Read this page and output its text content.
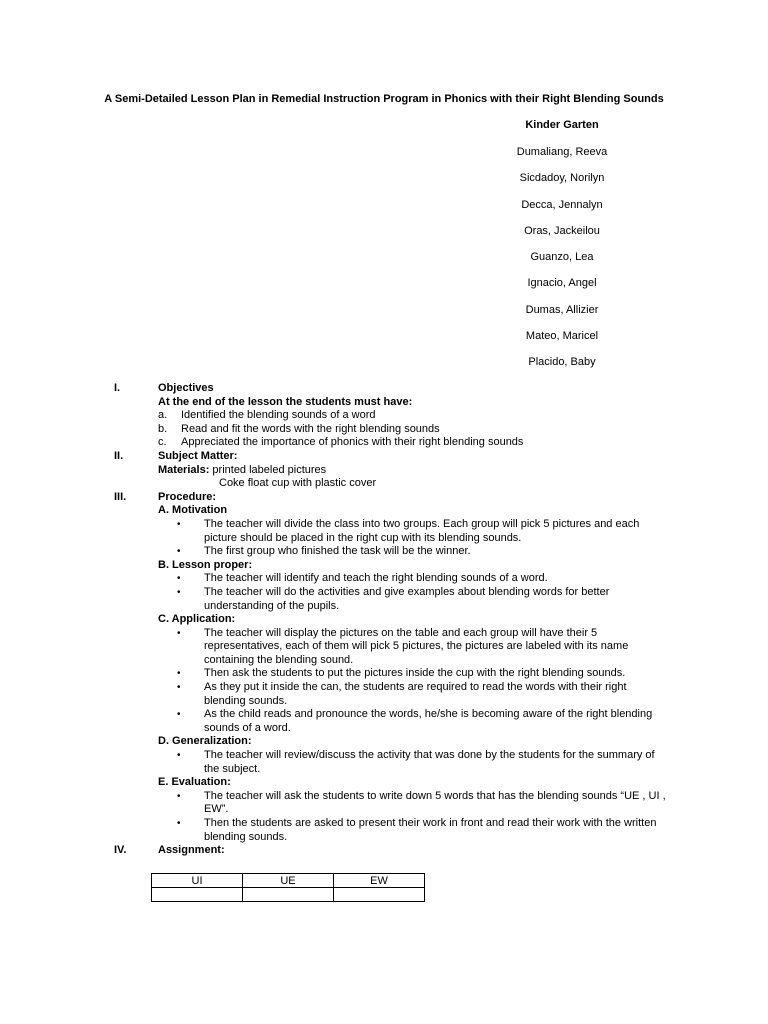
A Semi-Detailed Lesson Plan in Remedial Instruction Program in Phonics with their Right Blending Sounds
Kinder Garten
Dumaliang, Reeva
Sicdadoy, Norilyn
Decca, Jennalyn
Oras, Jackeilou
Guanzo, Lea
Ignacio, Angel
Dumas, Allizier
Mateo, Maricel
Placido, Baby
I.	Objectives
At the end of the lesson the students must have:
a. Identified the blending sounds of a word
b. Read and fit the words with the right blending sounds
c. Appreciated the importance of phonics with their right blending sounds
II.	Subject Matter:
Materials: printed labeled pictures
Coke float cup with plastic cover
III.	Procedure:
A. Motivation
• The teacher will divide the class into two groups. Each group will pick 5 pictures and each
picture should be placed in the right cup with its blending sounds.
• The first group who finished the task will be the winner.
B. Lesson proper:
• The teacher will identify and teach the right blending sounds of a word.
• The teacher will do the activities and give examples about blending words for better
understanding of the pupils.
C. Application:
• The teacher will display the pictures on the table and each group will have their 5
representatives, each of them will pick 5 pictures, the pictures are labeled with its name
containing the blending sound.
• Then ask the students to put the pictures inside the cup with the right blending sounds.
• As they put it inside the can, the students are required to read the words with their right
blending sounds.
• As the child reads and pronounce the words, he/she is becoming aware of the right blending
sounds of a word.
D. Generalization:
• The teacher will review/discuss the activity that was done by the students for the summary of
the subject.
E. Evaluation:
• The teacher will ask the students to write down 5 words that has the blending sounds “UE , UI ,
EW”.
• Then the students are asked to present their work in front and read their work with the written
blending sounds.
IV.	Assignment:
UI	UE	EW
